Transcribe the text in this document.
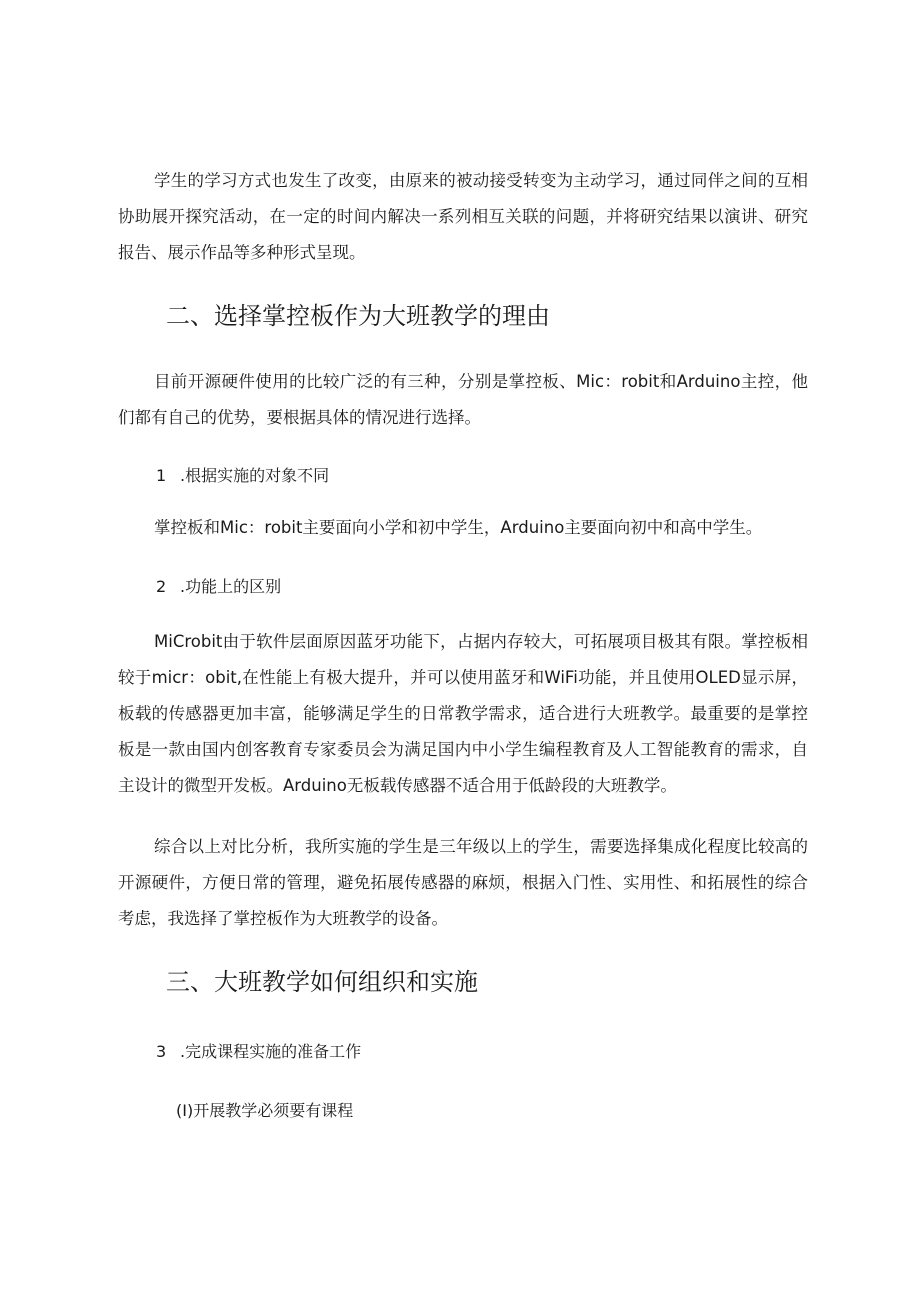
学生的学习方式也发生了改变，由原来的被动接受转变为主动学习，通过同伴之间的互相协助展开探究活动，在一定的时间内解决一系列相互关联的问题，并将研究结果以演讲、研究报告、展示作品等多种形式呈现。

二、选择掌控板作为大班教学的理由

目前开源硬件使用的比较广泛的有三种，分别是掌控板、Mic：robit和Arduino主控，他们都有自己的优势，要根据具体的情况进行选择。

1 .根据实施的对象不同

掌控板和Mic：robit主要面向小学和初中学生，Arduino主要面向初中和高中学生。

2 .功能上的区别

MiCrobit由于软件层面原因蓝牙功能下，占据内存较大，可拓展项目极其有限。掌控板相较于micr：obit,在性能上有极大提升，并可以使用蓝牙和WiFi功能，并且使用OLED显示屏，板载的传感器更加丰富，能够满足学生的日常教学需求，适合进行大班教学。最重要的是掌控板是一款由国内创客教育专家委员会为满足国内中小学生编程教育及人工智能教育的需求，自主设计的微型开发板。Arduino无板载传感器不适合用于低龄段的大班教学。

综合以上对比分析，我所实施的学生是三年级以上的学生，需要选择集成化程度比较高的开源硬件，方便日常的管理，避免拓展传感器的麻烦，根据入门性、实用性、和拓展性的综合考虑，我选择了掌控板作为大班教学的设备。

三、大班教学如何组织和实施
3 .完成课程实施的准备工作
(I)开展教学必须要有课程
